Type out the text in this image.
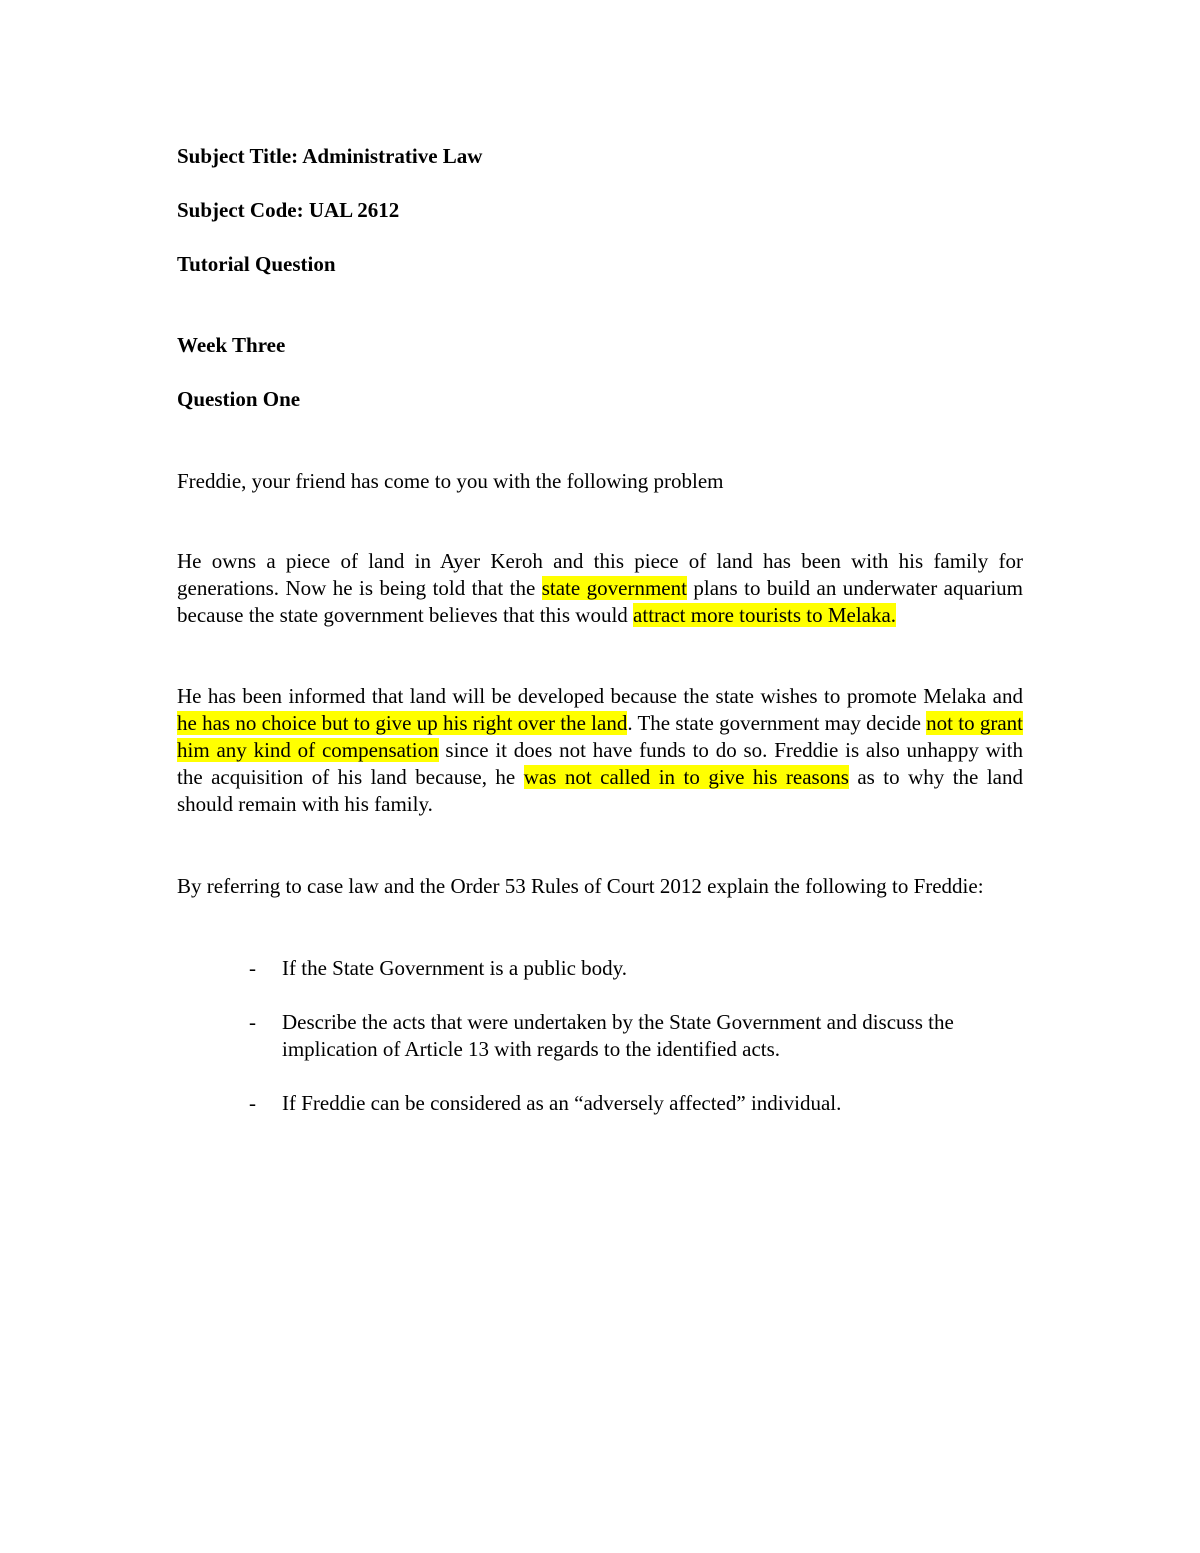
Subject Title: Administrative Law
Subject Code: UAL 2612
Tutorial Question
Week Three
Question One
Freddie, your friend has come to you with the following problem
He owns a piece of land in Ayer Keroh and this piece of land has been with his family for generations. Now he is being told that the state government plans to build an underwater aquarium because the state government believes that this would attract more tourists to Melaka.
He has been informed that land will be developed because the state wishes to promote Melaka and he has no choice but to give up his right over the land. The state government may decide not to grant him any kind of compensation since it does not have funds to do so. Freddie is also unhappy with the acquisition of his land because, he was not called in to give his reasons as to why the land should remain with his family.
By referring to case law and the Order 53 Rules of Court 2012 explain the following to Freddie:
- If the State Government is a public body.
- Describe the acts that were undertaken by the State Government and discuss the implication of Article 13 with regards to the identified acts.
- If Freddie can be considered as an “adversely affected” individual.
